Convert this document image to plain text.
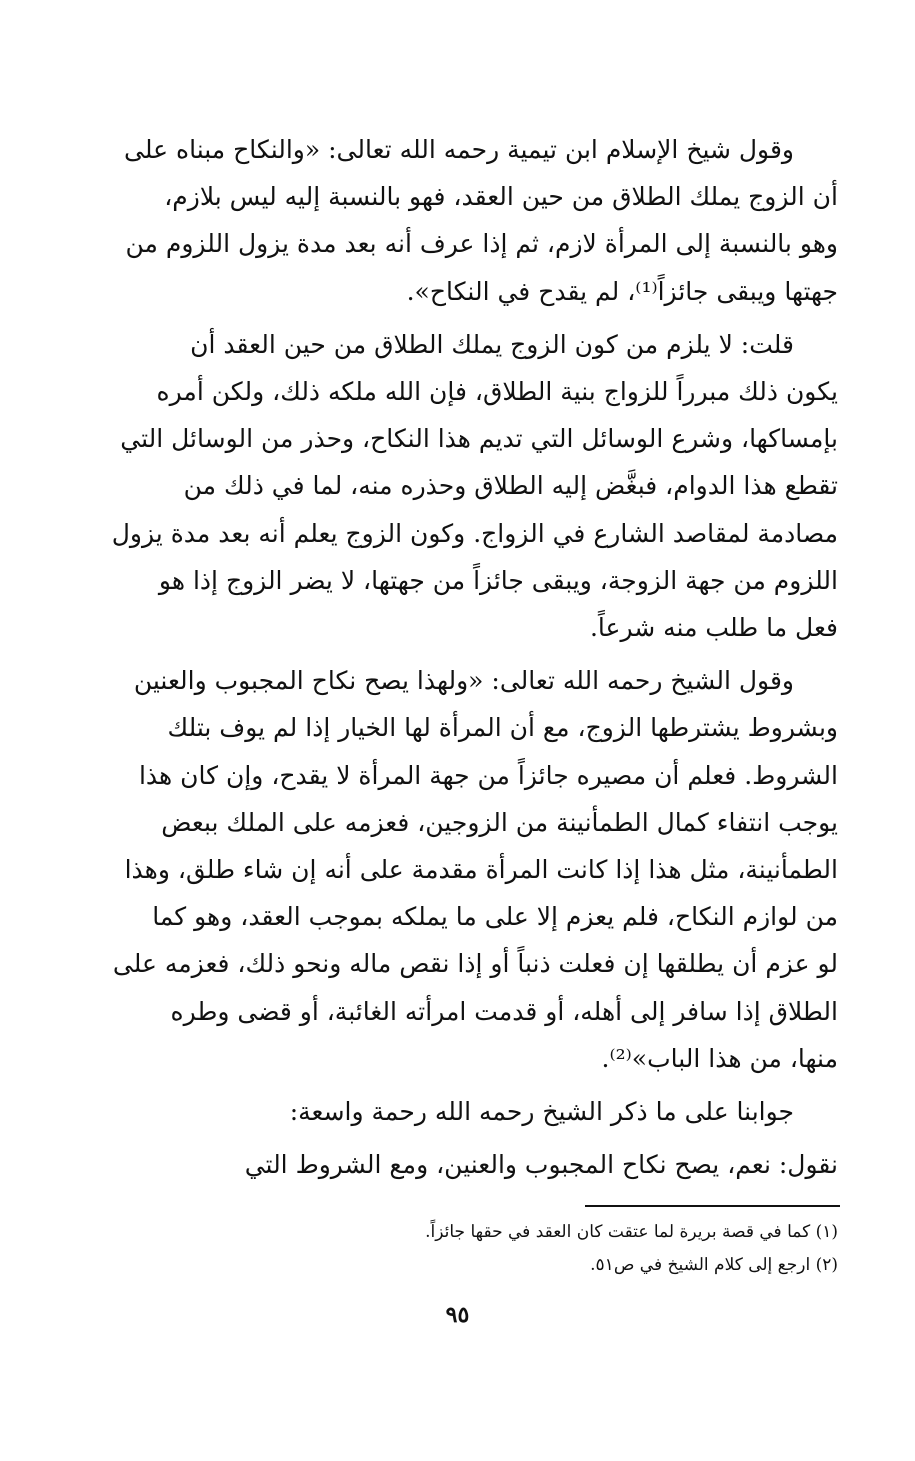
وقول شيخ الإسلام ابن تيمية رحمه الله تعالى: «والنكاح مبناه على
أن الزوج يملك الطلاق من حين العقد، فهو بالنسبة إليه ليس بلازم،
وهو بالنسبة إلى المرأة لازم، ثم إذا عرف أنه بعد مدة يزول اللزوم من
جهتها ويبقى جائزاً⁽¹⁾، لم يقدح في النكاح».

قلت: لا يلزم من كون الزوج يملك الطلاق من حين العقد أن
يكون ذلك مبرراً للزواج بنية الطلاق، فإن الله ملكه ذلك، ولكن أمره
بإمساكها، وشرع الوسائل التي تديم هذا النكاح، وحذر من الوسائل التي
تقطع هذا الدوام، فبغَّض إليه الطلاق وحذره منه، لما في ذلك من
مصادمة لمقاصد الشارع في الزواج. وكون الزوج يعلم أنه بعد مدة يزول
اللزوم من جهة الزوجة، ويبقى جائزاً من جهتها، لا يضر الزوج إذا هو
فعل ما طلب منه شرعاً.

وقول الشيخ رحمه الله تعالى: «ولهذا يصح نكاح المجبوب والعنين
وبشروط يشترطها الزوج، مع أن المرأة لها الخيار إذا لم يوف بتلك
الشروط. فعلم أن مصيره جائزاً من جهة المرأة لا يقدح، وإن كان هذا
يوجب انتفاء كمال الطمأنينة من الزوجين، فعزمه على الملك ببعض
الطمأنينة، مثل هذا إذا كانت المرأة مقدمة على أنه إن شاء طلق، وهذا
من لوازم النكاح، فلم يعزم إلا على ما يملكه بموجب العقد، وهو كما
لو عزم أن يطلقها إن فعلت ذنباً أو إذا نقص ماله ونحو ذلك، فعزمه على
الطلاق إذا سافر إلى أهله، أو قدمت امرأته الغائبة، أو قضى وطره
منها، من هذا الباب»⁽²⁾.

جوابنا على ما ذكر الشيخ رحمه الله رحمة واسعة:

نقول: نعم، يصح نكاح المجبوب والعنين، ومع الشروط التي

(١) كما في قصة بريرة لما عتقت كان العقد في حقها جائزاً.

(٢) ارجع إلى كلام الشيخ في ص٥١.

٩٥
